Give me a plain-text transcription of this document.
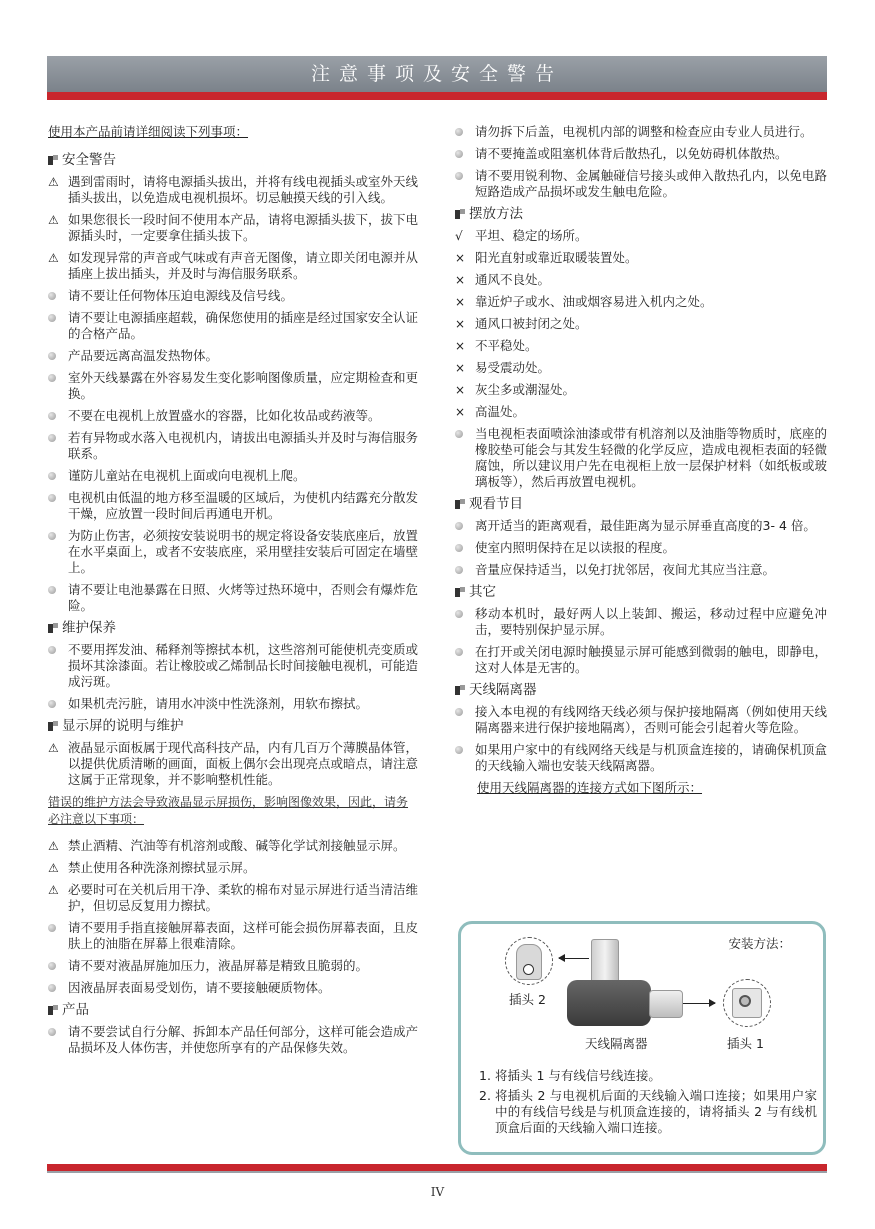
注意事项及安全警告
使用本产品前请详细阅读下列事项：
安全警告
⚠ 遇到雷雨时，请将电源插头拔出，并将有线电视插头或室外天线插头拔出，以免造成电视机损坏。切忌触摸天线的引入线。
⚠ 如果您很长一段时间不使用本产品，请将电源插头拔下，拔下电源插头时，一定要拿住插头拔下。
⚠ 如发现异常的声音或气味或有声音无图像，请立即关闭电源并从插座上拔出插头，并及时与海信服务联系。
请不要让任何物体压迫电源线及信号线。
请不要让电源插座超载，确保您使用的插座是经过国家安全认证的合格产品。
产品要远离高温发热物体。
室外天线暴露在外容易发生变化影响图像质量，应定期检查和更换。
不要在电视机上放置盛水的容器，比如化妆品或药液等。
若有异物或水落入电视机内，请拔出电源插头并及时与海信服务联系。
谨防儿童站在电视机上面或向电视机上爬。
电视机由低温的地方移至温暖的区域后，为使机内结露充分散发干燥，应放置一段时间后再通电开机。
为防止伤害，必须按安装说明书的规定将设备安装底座后，放置在水平桌面上，或者不安装底座，采用壁挂安装后可固定在墙壁上。
请不要让电池暴露在日照、火烤等过热环境中，否则会有爆炸危险。
维护保养
不要用挥发油、稀释剂等擦拭本机，这些溶剂可能使机壳变质或损坏其涂漆面。若让橡胶或乙烯制品长时间接触电视机，可能造成污斑。
如果机壳污脏，请用水冲淡中性洗涤剂，用软布擦拭。
显示屏的说明与维护
⚠ 液晶显示面板属于现代高科技产品，内有几百万个薄膜晶体管，以提供优质清晰的画面，面板上偶尔会出现亮点或暗点，请注意这属于正常现象，并不影响整机性能。
错误的维护方法会导致液晶显示屏损伤，影响图像效果，因此，请务必注意以下事项：
⚠ 禁止酒精、汽油等有机溶剂或酸、碱等化学试剂接触显示屏。
⚠ 禁止使用各种洗涤剂擦拭显示屏。
⚠ 必要时可在关机后用干净、柔软的棉布对显示屏进行适当清洁维护，但切忌反复用力擦拭。
请不要用手指直接触屏幕表面，这样可能会损伤屏幕表面，且皮肤上的油脂在屏幕上很难清除。
请不要对液晶屏施加压力，液晶屏幕是精致且脆弱的。
因液晶屏表面易受划伤，请不要接触硬质物体。
产品
请不要尝试自行分解、拆卸本产品任何部分，这样可能会造成产品损坏及人体伤害，并使您所享有的产品保修失效。
请勿拆下后盖，电视机内部的调整和检查应由专业人员进行。
请不要掩盖或阻塞机体背后散热孔，以免妨碍机体散热。
请不要用锐利物、金属触碰信号接头或伸入散热孔内，以免电路短路造成产品损坏或发生触电危险。
摆放方法
√ 平坦、稳定的场所。
× 阳光直射或靠近取暖装置处。
× 通风不良处。
× 靠近炉子或水、油或烟容易进入机内之处。
× 通风口被封闭之处。
× 不平稳处。
× 易受震动处。
× 灰尘多或潮湿处。
× 高温处。
当电视柜表面喷涂油漆或带有机溶剂以及油脂等物质时，底座的橡胶垫可能会与其发生轻微的化学反应，造成电视柜表面的轻微腐蚀，所以建议用户先在电视柜上放一层保护材料（如纸板或玻璃板等），然后再放置电视机。
观看节目
离开适当的距离观看，最佳距离为显示屏垂直高度的3- 4 倍。
使室内照明保持在足以读报的程度。
音量应保持适当，以免打扰邻居，夜间尤其应当注意。
其它
移动本机时，最好两人以上装卸、搬运，移动过程中应避免冲击，要特别保护显示屏。
在打开或关闭电源时触摸显示屏可能感到微弱的触电，即静电，这对人体是无害的。
天线隔离器
接入本电视的有线网络天线必须与保护接地隔离（例如使用天线隔离器来进行保护接地隔离），否则可能会引起着火等危险。
如果用户家中的有线网络天线是与机顶盒连接的，请确保机顶盒的天线输入端也安装天线隔离器。
使用天线隔离器的连接方式如下图所示：
安装方法：
插头 2
天线隔离器	插头 1
1. 将插头 1 与有线信号线连接。
2. 将插头 2 与电视机后面的天线输入端口连接；如果用户家中的有线信号线是与机顶盒连接的，请将插头 2 与有线机顶盒后面的天线输入端口连接。
IV
